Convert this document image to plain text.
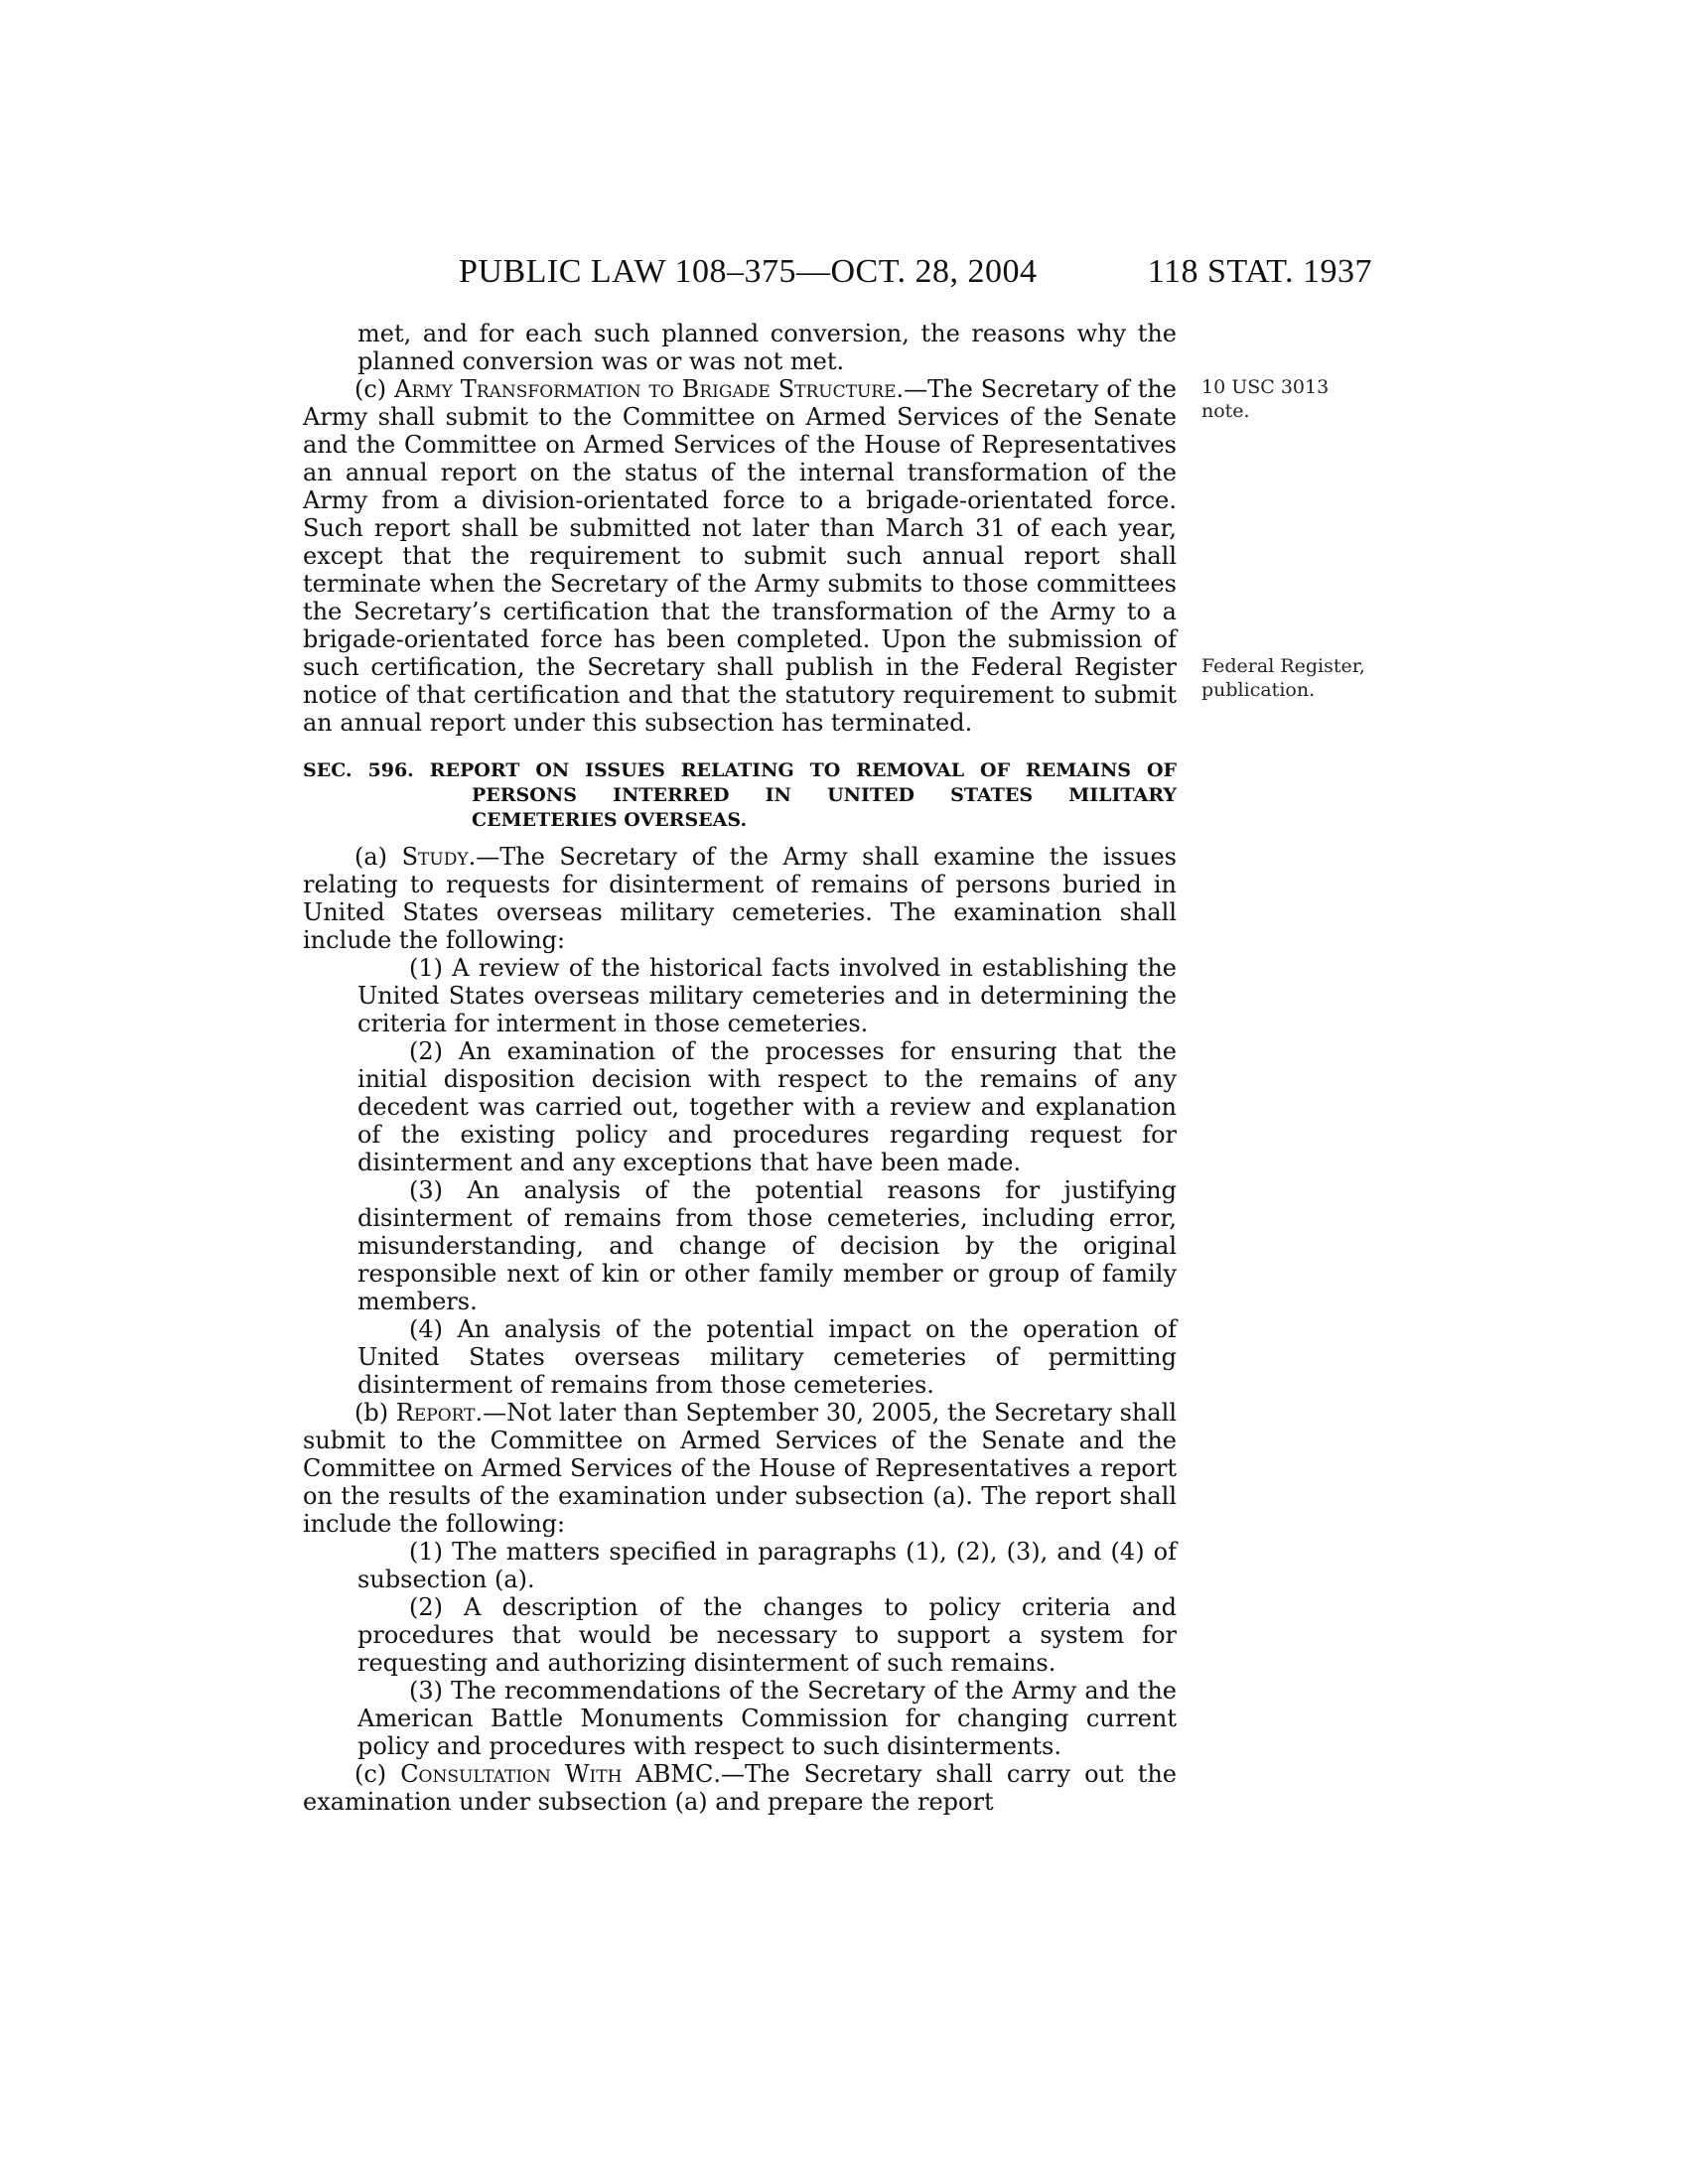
PUBLIC LAW 108–375—OCT. 28, 2004	118 STAT. 1937
10 USC 3013
note.
Federal Register,
publication.

met, and for each such planned conversion, the reasons why the planned conversion was or was not met.

(c) Army Transformation to Brigade Structure.—The Secretary of the Army shall submit to the Committee on Armed Services of the Senate and the Committee on Armed Services of the House of Representatives an annual report on the status of the internal transformation of the Army from a division-orientated force to a brigade-orientated force. Such report shall be submitted not later than March 31 of each year, except that the requirement to submit such annual report shall terminate when the Secretary of the Army submits to those committees the Secretary’s certification that the transformation of the Army to a brigade-orientated force has been completed. Upon the submission of such certification, the Secretary shall publish in the Federal Register notice of that certification and that the statutory requirement to submit an annual report under this subsection has terminated.

SEC. 596. REPORT ON ISSUES RELATING TO REMOVAL OF REMAINS OF PERSONS INTERRED IN UNITED STATES MILITARY CEMETERIES OVERSEAS.

(a) Study.—The Secretary of the Army shall examine the issues relating to requests for disinterment of remains of persons buried in United States overseas military cemeteries. The examination shall include the following:

(1) A review of the historical facts involved in establishing the United States overseas military cemeteries and in determining the criteria for interment in those cemeteries.

(2) An examination of the processes for ensuring that the initial disposition decision with respect to the remains of any decedent was carried out, together with a review and explanation of the existing policy and procedures regarding request for disinterment and any exceptions that have been made.

(3) An analysis of the potential reasons for justifying disinterment of remains from those cemeteries, including error, misunderstanding, and change of decision by the original responsible next of kin or other family member or group of family members.

(4) An analysis of the potential impact on the operation of United States overseas military cemeteries of permitting disinterment of remains from those cemeteries.

(b) Report.—Not later than September 30, 2005, the Secretary shall submit to the Committee on Armed Services of the Senate and the Committee on Armed Services of the House of Representatives a report on the results of the examination under subsection (a). The report shall include the following:

(1) The matters specified in paragraphs (1), (2), (3), and (4) of subsection (a).

(2) A description of the changes to policy criteria and procedures that would be necessary to support a system for requesting and authorizing disinterment of such remains.

(3) The recommendations of the Secretary of the Army and the American Battle Monuments Commission for changing current policy and procedures with respect to such disinterments.

(c) Consultation With ABMC.—The Secretary shall carry out the examination under subsection (a) and prepare the report
